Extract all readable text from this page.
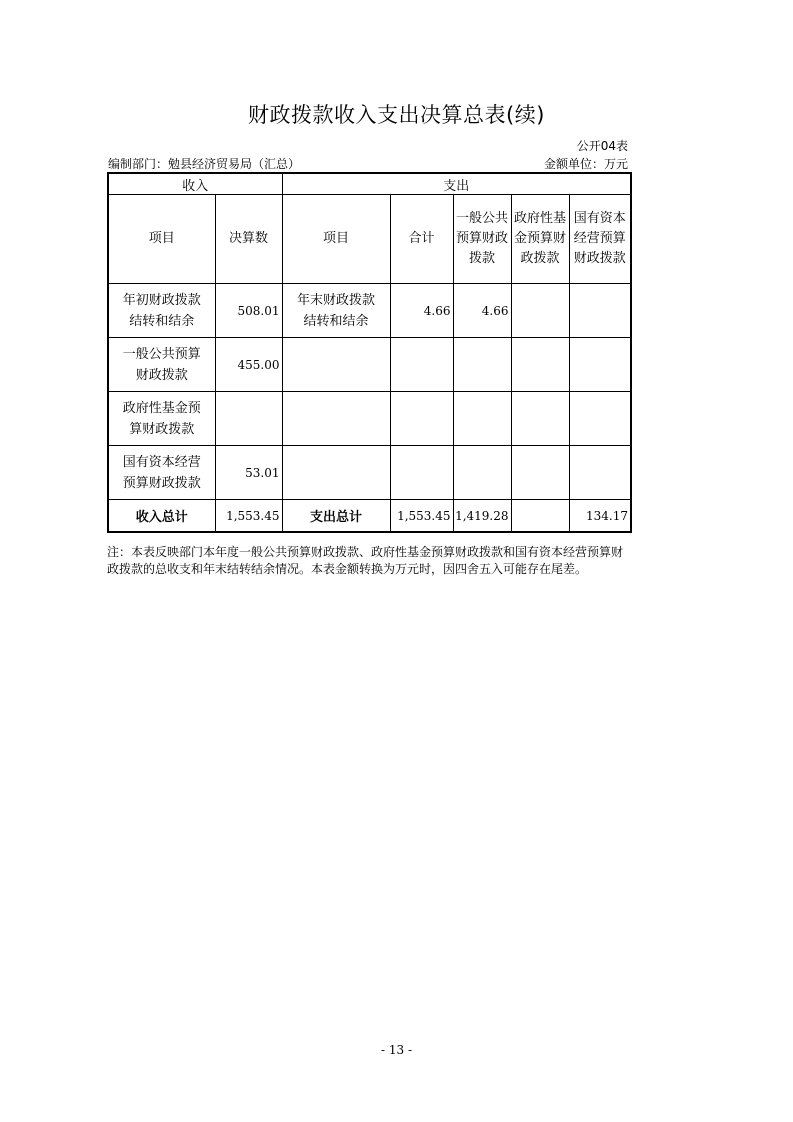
财政拨款收入支出决算总表(续)
公开04表
编制部门：勉县经济贸易局（汇总）	金额单位：万元
收入		支出				
项目	决算数	项目	合计	一般公共预算财政拨款	政府性基金预算财政拨款	国有资本经营预算财政拨款

年初财政拨款结转和结余	508.01	年末财政拨款结转和结余	4.66	4.66		

一般公共预算财政拨款	455.00					

政府性基金预算财政拨款						

国有资本经营预算财政拨款	53.01					
收入总计	1,553.45	支出总计	1,553.45	1,419.28		134.17
注：本表反映部门本年度一般公共预算财政拨款、政府性基金预算财政拨款和国有资本经营预算财政拨款的总收支和年末结转结余情况。本表金额转换为万元时，因四舍五入可能存在尾差。
- 13 -
